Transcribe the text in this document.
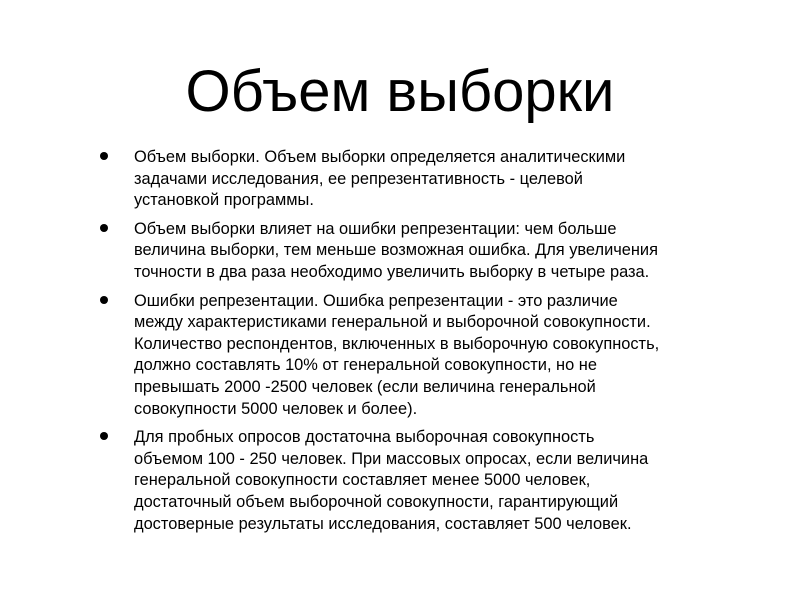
Объем выборки
Объем выборки. Объем выборки определяется аналитическими
задачами исследования, ее репрезентативность - целевой
установкой программы.
Объем выборки влияет на ошибки репрезентации: чем больше
величина выборки, тем меньше возможная ошибка. Для увеличения
точности в два раза необходимо увеличить выборку в четыре раза.
Ошибки репрезентации. Ошибка репрезентации - это различие
между характеристиками генеральной и выборочной совокупности.
Количество респондентов, включенных в выборочную совокупность,
должно составлять 10% от генеральной совокупности, но не
превышать 2000 -2500 человек (если величина генеральной
совокупности 5000 человек и более).
Для пробных опросов достаточна выборочная совокупность
объемом 100 - 250 человек. При массовых опросах, если величина
генеральной совокупности составляет менее 5000 человек,
достаточный объем выборочной совокупности, гарантирующий
достоверные результаты исследования, составляет 500 человек.
